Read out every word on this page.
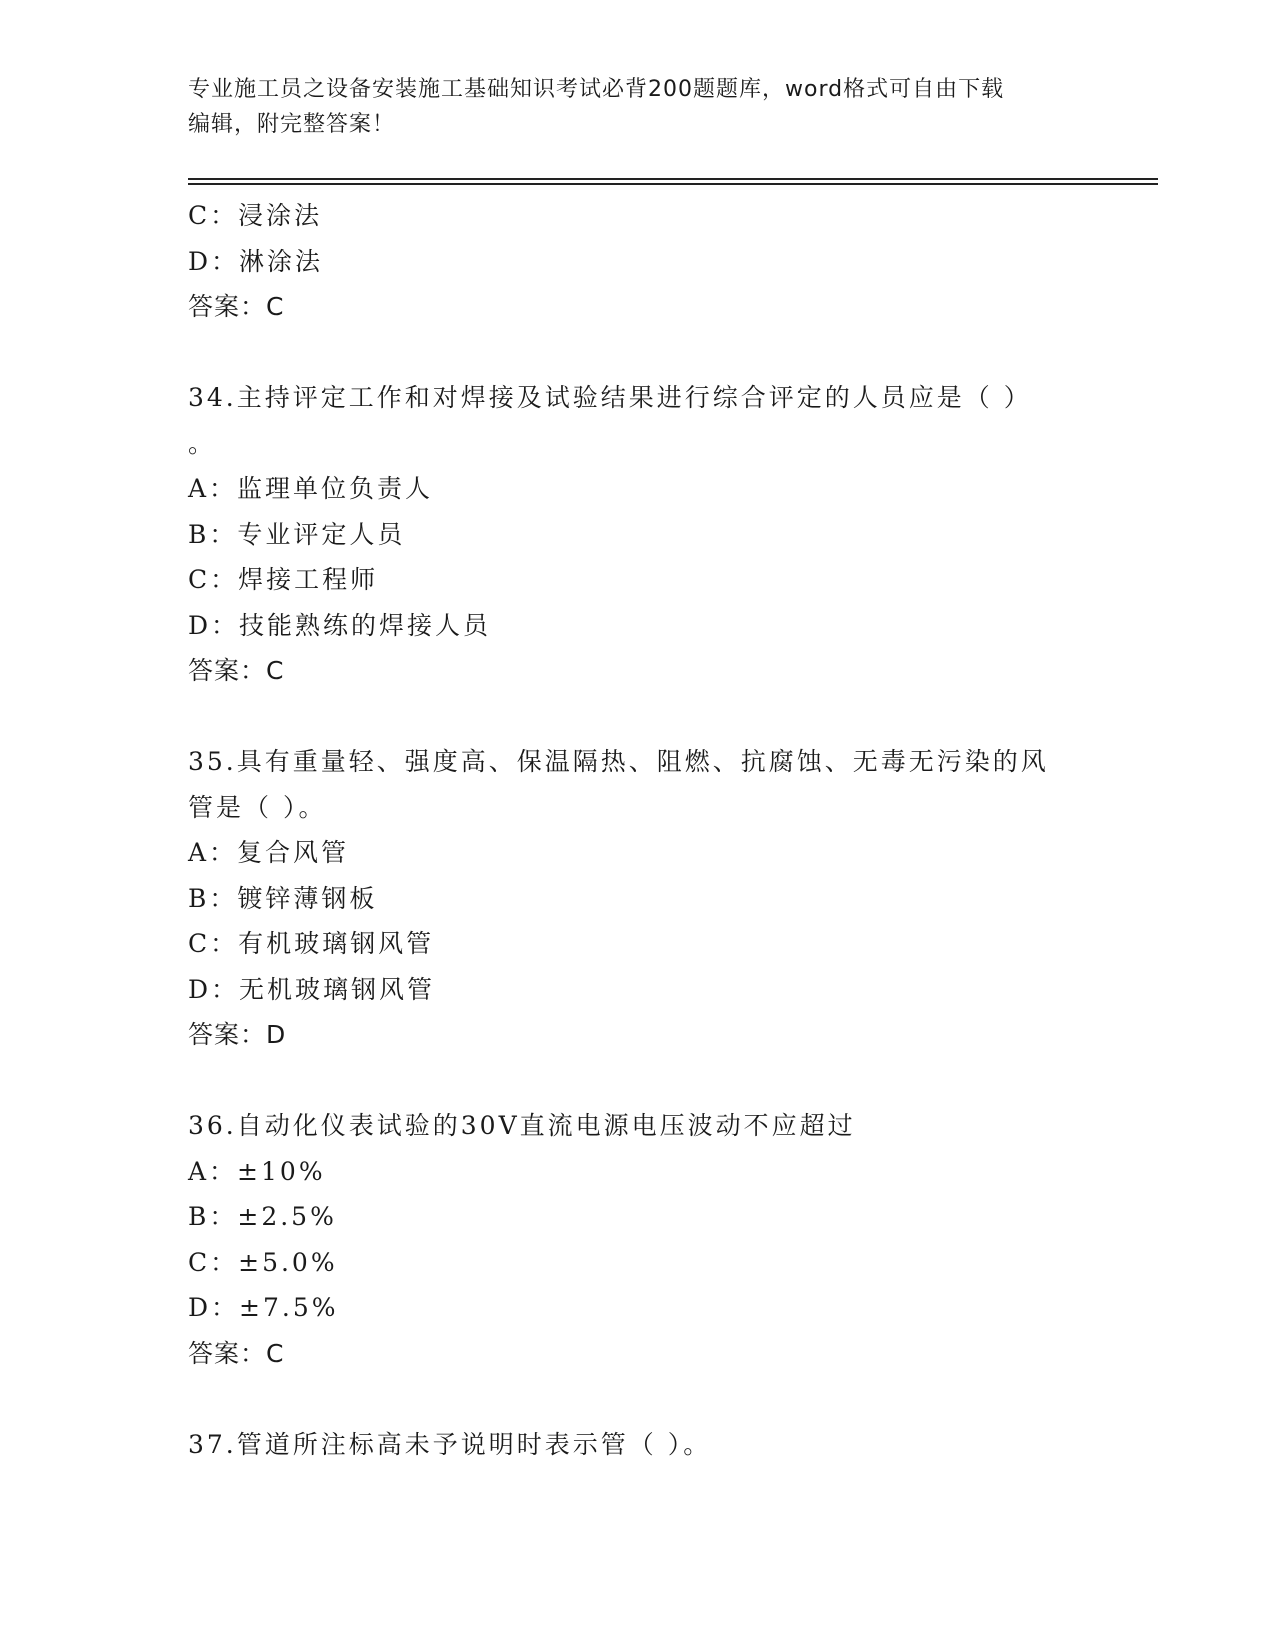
专业施工员之设备安装施工基础知识考试必背200题题库，word格式可自由下载
编辑，附完整答案！
C：浸涂法
D：淋涂法
答案：C
34.主持评定工作和对焊接及试验结果进行综合评定的人员应是（ ）
。
A：监理单位负责人
B：专业评定人员
C：焊接工程师
D：技能熟练的焊接人员
答案：C
35.具有重量轻、强度高、保温隔热、阻燃、抗腐蚀、无毒无污染的风
管是（ ）。
A：复合风管
B：镀锌薄钢板
C：有机玻璃钢风管
D：无机玻璃钢风管
答案：D
36.自动化仪表试验的30V直流电源电压波动不应超过
A：±10%
B：±2.5%
C：±5.0%
D：±7.5%
答案：C
37.管道所注标高未予说明时表示管（ ）。
